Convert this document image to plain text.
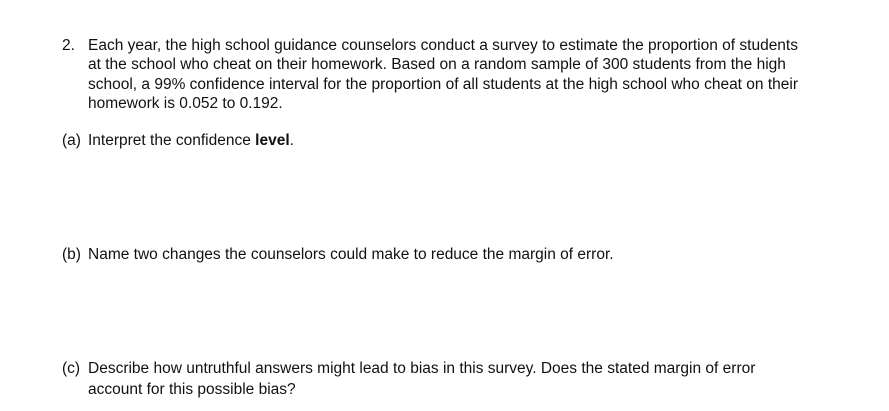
2. Each year, the high school guidance counselors conduct a survey to estimate the proportion of students at the school who cheat on their homework. Based on a random sample of 300 students from the high school, a 99% confidence interval for the proportion of all students at the high school who cheat on their homework is 0.052 to 0.192.
(a) Interpret the confidence level.
(b) Name two changes the counselors could make to reduce the margin of error.
(c) Describe how untruthful answers might lead to bias in this survey. Does the stated margin of error account for this possible bias?
